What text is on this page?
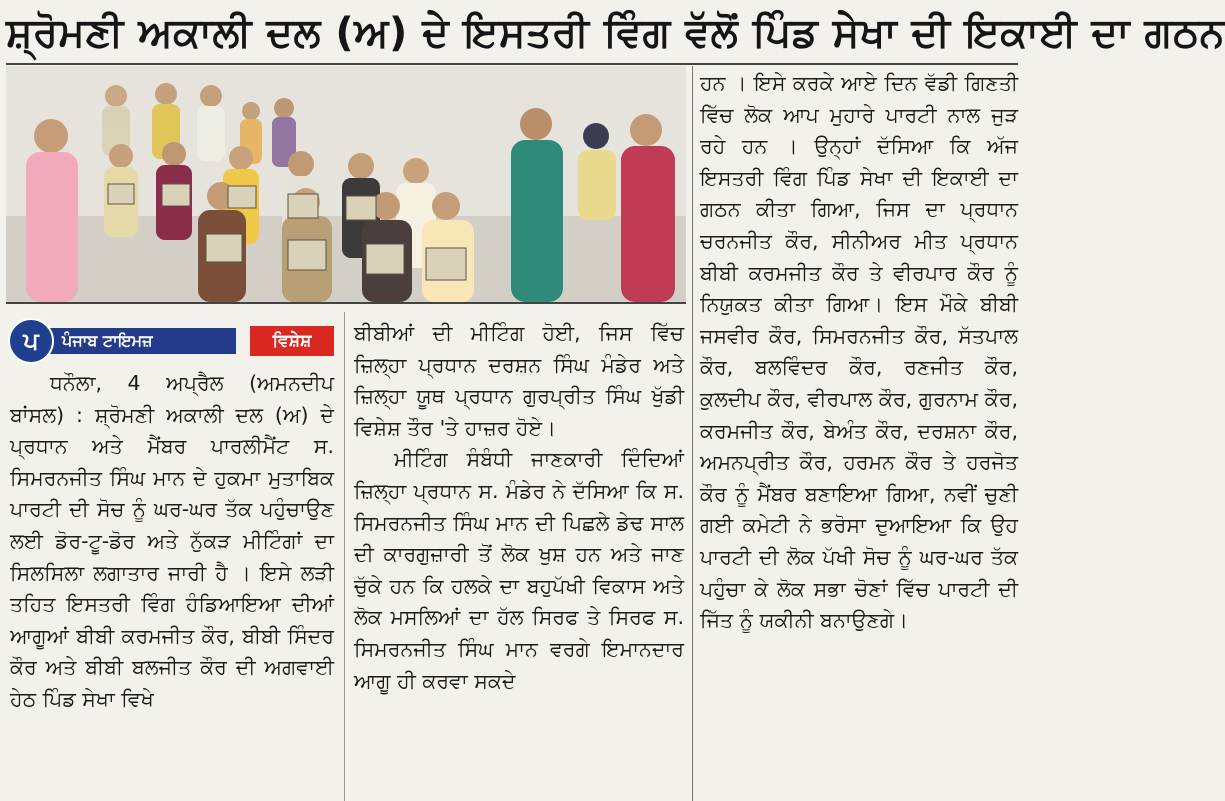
ਸ਼੍ਰੋਮਣੀ ਅਕਾਲੀ ਦਲ (ਅ) ਦੇ ਇਸਤਰੀ ਵਿੰਗ ਵੱਲੋਂ ਪਿੰਡ ਸੇਖਾ ਦੀ ਇਕਾਈ ਦਾ ਗਠਨ
ਪੰਜਾਬ ਟਾਇਮਜ਼
ਪ	ਵਿਸ਼ੇਸ਼

ਧਨੌਲਾ, 4 ਅਪ੍ਰੈਲ (ਅਮਨਦੀਪ ਬਾਂਸਲ) : ਸ਼੍ਰੋਮਣੀ ਅਕਾਲੀ ਦਲ (ਅ) ਦੇ ਪ੍ਰਧਾਨ ਅਤੇ ਮੈਂਬਰ ਪਾਰਲੀਮੈਂਟ ਸ. ਸਿਮਰਨਜੀਤ ਸਿੰਘ ਮਾਨ ਦੇ ਹੁਕਮਾ ਮੁਤਾਬਿਕ ਪਾਰਟੀ ਦੀ ਸੋਚ ਨੂੰ ਘਰ-ਘਰ ਤੱਕ ਪਹੁੰਚਾਉਣ ਲਈ ਡੋਰ-ਟੂ-ਡੋਰ ਅਤੇ ਨੁੱਕੜ ਮੀਟਿੰਗਾਂ ਦਾ ਸਿਲਸਿਲਾ ਲਗਾਤਾਰ ਜਾਰੀ ਹੈ । ਇਸੇ ਲੜੀ ਤਹਿਤ ਇਸਤਰੀ ਵਿੰਗ ਹੰਡਿਆਇਆ ਦੀਆਂ ਆਗੂਆਂ ਬੀਬੀ ਕਰਮਜੀਤ ਕੌਰ, ਬੀਬੀ ਸਿੰਦਰ ਕੌਰ ਅਤੇ ਬੀਬੀ ਬਲਜੀਤ ਕੌਰ ਦੀ ਅਗਵਾਈ ਹੇਠ ਪਿੰਡ ਸੇਖਾ ਵਿਖੇ

ਬੀਬੀਆਂ ਦੀ ਮੀਟਿੰਗ ਹੋਈ, ਜਿਸ ਵਿੱਚ ਜ਼ਿਲ੍ਹਾ ਪ੍ਰਧਾਨ ਦਰਸ਼ਨ ਸਿੰਘ ਮੰਡੇਰ ਅਤੇ ਜ਼ਿਲ੍ਹਾ ਯੂਥ ਪ੍ਰਧਾਨ ਗੁਰਪ੍ਰੀਤ ਸਿੰਘ ਖੁੱਡੀ ਵਿਸ਼ੇਸ਼ ਤੌਰ 'ਤੇ ਹਾਜ਼ਰ ਹੋਏ।

ਮੀਟਿੰਗ ਸੰਬੰਧੀ ਜਾਣਕਾਰੀ ਦਿੰਦਿਆਂ ਜ਼ਿਲ੍ਹਾ ਪ੍ਰਧਾਨ ਸ. ਮੰਡੇਰ ਨੇ ਦੱਸਿਆ ਕਿ ਸ. ਸਿਮਰਨਜੀਤ ਸਿੰਘ ਮਾਨ ਦੀ ਪਿਛਲੇ ਡੇਢ ਸਾਲ ਦੀ ਕਾਰਗੁਜ਼ਾਰੀ ਤੋਂ ਲੋਕ ਖੁਸ਼ ਹਨ ਅਤੇ ਜਾਣ ਚੁੱਕੇ ਹਨ ਕਿ ਹਲਕੇ ਦਾ ਬਹੁਪੱਖੀ ਵਿਕਾਸ ਅਤੇ ਲੋਕ ਮਸਲਿਆਂ ਦਾ ਹੱਲ ਸਿਰਫ ਤੇ ਸਿਰਫ ਸ. ਸਿਮਰਨਜੀਤ ਸਿੰਘ ਮਾਨ ਵਰਗੇ ਇਮਾਨਦਾਰ ਆਗੂ ਹੀ ਕਰਵਾ ਸਕਦੇ

ਹਨ । ਇਸੇ ਕਰਕੇ ਆਏ ਦਿਨ ਵੱਡੀ ਗਿਣਤੀ ਵਿੱਚ ਲੋਕ ਆਪ ਮੁਹਾਰੇ ਪਾਰਟੀ ਨਾਲ ਜੁੜ ਰਹੇ ਹਨ । ਉਨ੍ਹਾਂ ਦੱਸਿਆ ਕਿ ਅੱਜ ਇਸਤਰੀ ਵਿੰਗ ਪਿੰਡ ਸੇਖਾ ਦੀ ਇਕਾਈ ਦਾ ਗਠਨ ਕੀਤਾ ਗਿਆ, ਜਿਸ ਦਾ ਪ੍ਰਧਾਨ ਚਰਨਜੀਤ ਕੌਰ, ਸੀਨੀਅਰ ਮੀਤ ਪ੍ਰਧਾਨ ਬੀਬੀ ਕਰਮਜੀਤ ਕੌਰ ਤੇ ਵੀਰਪਾਰ ਕੌਰ ਨੂੰ ਨਿਯੁਕਤ ਕੀਤਾ ਗਿਆ। ਇਸ ਮੌਕੇ ਬੀਬੀ ਜਸਵੀਰ ਕੌਰ, ਸਿਮਰਨਜੀਤ ਕੌਰ, ਸੱਤਪਾਲ ਕੌਰ, ਬਲਵਿੰਦਰ ਕੌਰ, ਰਣਜੀਤ ਕੌਰ, ਕੁਲਦੀਪ ਕੌਰ, ਵੀਰਪਾਲ ਕੌਰ, ਗੁਰਨਾਮ ਕੌਰ, ਕਰਮਜੀਤ ਕੌਰ, ਬੇਅੰਤ ਕੌਰ, ਦਰਸ਼ਨਾ ਕੌਰ, ਅਮਨਪ੍ਰੀਤ ਕੌਰ, ਹਰਮਨ ਕੌਰ ਤੇ ਹਰਜੋਤ ਕੌਰ ਨੂੰ ਮੈਂਬਰ ਬਣਾਇਆ ਗਿਆ, ਨਵੀਂ ਚੁਣੀ ਗਈ ਕਮੇਟੀ ਨੇ ਭਰੋਸਾ ਦੁਆਇਆ ਕਿ ਉਹ ਪਾਰਟੀ ਦੀ ਲੋਕ ਪੱਖੀ ਸੋਚ ਨੂੰ ਘਰ-ਘਰ ਤੱਕ ਪਹੁੰਚਾ ਕੇ ਲੋਕ ਸਭਾ ਚੋਣਾਂ ਵਿੱਚ ਪਾਰਟੀ ਦੀ ਜਿੱਤ ਨੂੰ ਯਕੀਨੀ ਬਨਾਉਣਗੇ।
